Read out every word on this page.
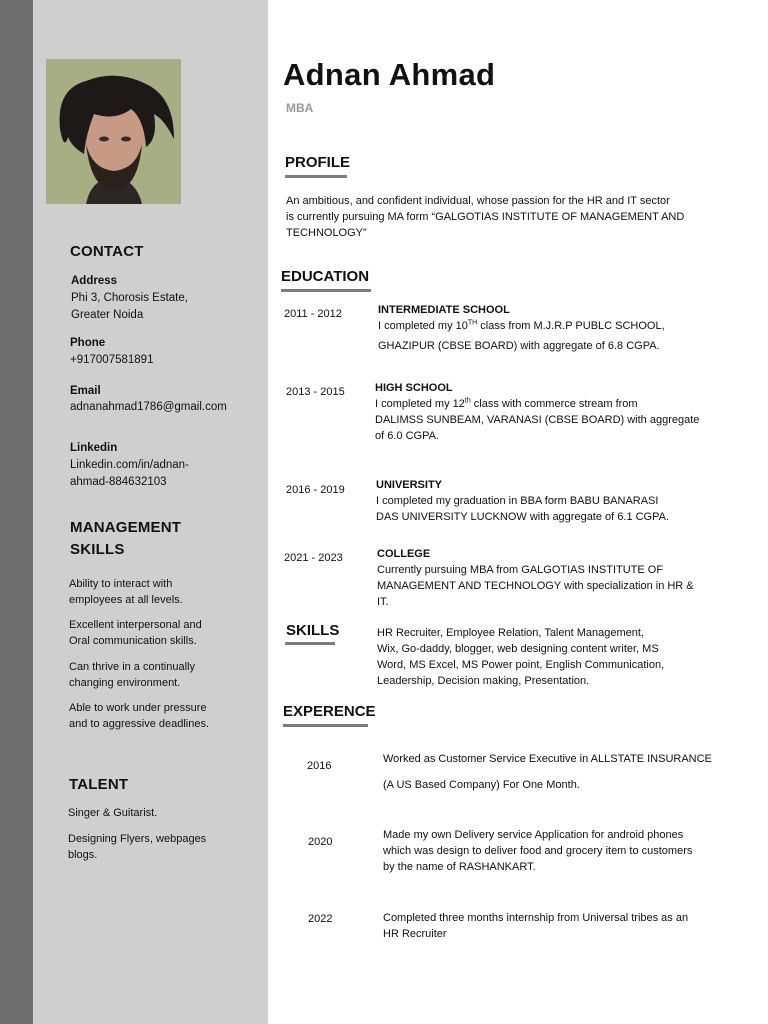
CONTACT
Address
Phi 3, Chorosis Estate,
Greater Noida
Phone
+917007581891
Email
adnanahmad1786@gmail.com
Linkedin
Linkedin.com/in/adnan-
ahmad-884632103
MANAGEMENT
SKILLS
Ability to interact with
employees at all levels.
Excellent interpersonal and
Oral communication skills.
Can thrive in a continually
changing environment.
Able to work under pressure
and to aggressive deadlines.
TALENT
Singer & Guitarist.
Designing Flyers, webpages
blogs.
Adnan Ahmad
MBA
PROFILE
An ambitious, and confident individual, whose passion for the HR and IT sector
is currently pursuing MA form “GALGOTIAS INSTITUTE OF MANAGEMENT AND
TECHNOLOGY”
EDUCATION
2011 - 2012	INTERMEDIATE SCHOOL
I completed my 10TH class from M.J.R.P PUBLC SCHOOL,
GHAZIPUR (CBSE BOARD) with aggregate of 6.8 CGPA.
2013 - 2015	HIGH SCHOOL
I completed my 12th class with commerce stream from
DALIMSS SUNBEAM, VARANASI (CBSE BOARD) with aggregate
of 6.0 CGPA.
2016 - 2019	UNIVERSITY
I completed my graduation in BBA form BABU BANARASI
DAS UNIVERSITY LUCKNOW with aggregate of 6.1 CGPA.
2021 - 2023	COLLEGE
Currently pursuing MBA from GALGOTIAS INSTITUTE OF
MANAGEMENT AND TECHNOLOGY with specialization in HR &
IT.
SKILLS	HR Recruiter, Employee Relation, Talent Management,
Wix, Go-daddy, blogger, web designing content writer, MS
Word, MS Excel, MS Power point, English Communication,
Leadership, Decision making, Presentation.
EXPERENCE
2016
Worked as Customer Service Executive in ALLSTATE INSURANCE
(A US Based Company) For One Month.
2020
Made my own Delivery service Application for android phones
which was design to deliver food and grocery item to customers
by the name of RASHANKART.
2022	Completed three months internship from Universal tribes as an
HR Recruiter
